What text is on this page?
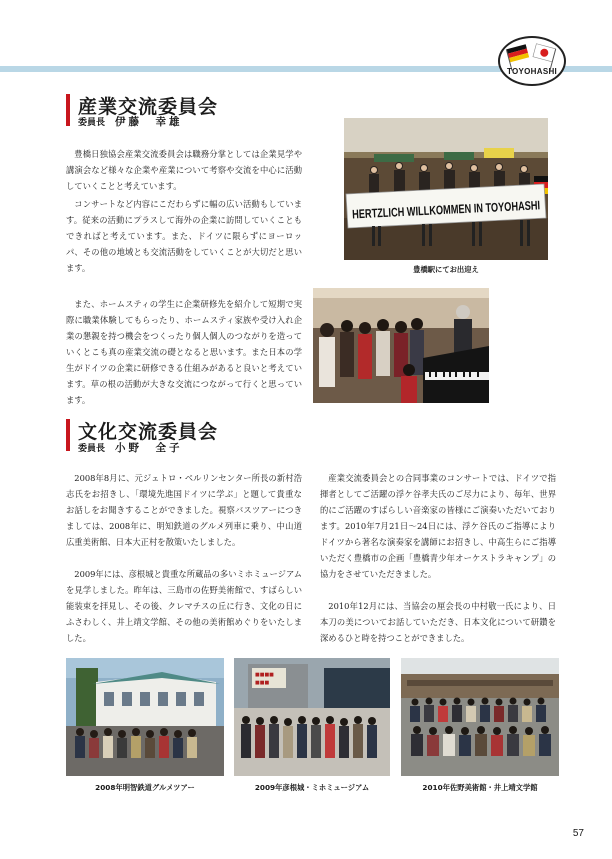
TOYOHASHI
産業交流委員会
委員長 伊藤　幸雄

豊橋日独協会産業交流委員会は職務分掌としては企業見学や講演会など様々な企業や産業について考察や交流を中心に活動していくことと考えています。

コンサートなど内容にこだわらずに幅の広い活動もしています。従来の活動にプラスして海外の企業に訪問していくこともできればと考えています。また、ドイツに限らずにヨーロッパ、その他の地域とも交流活動をしていくことが大切だと思います。

また、ホームスティの学生に企業研修先を紹介して短期で実際に職業体験してもらったり、ホームスティ家族や受け入れ企業の懇親を持つ機会をつくったり個人個人のつながりを造っていくとこも真の産業交流の礎となると思います。また日本の学生がドイツの企業に研修できる仕組みがあると良いと考えています。草の根の活動が大きな交流につながって行くと思っています。

HERTZLICH WILLKOMMEN IN TOYOHASHI
豊橋駅にてお出迎え
文化交流委員会
委員長 小野　全子

2008年8月に、元ジェトロ・ベルリンセンター所長の新村浩志氏をお招きし、「環境先進国ドイツに学ぶ」と題して貴重なお話しをお聞きすることができました。視察バスツアーにつきましては、2008年に、明知鉄道のグルメ列車に乗り、中山道広重美術館、日本大正村を散策いたしました。

2009年には、彦根城と貴重な所蔵品の多いミホミュージアムを見学しました。昨年は、三島市の佐野美術館で、すばらしい能装束を拝見し、その後、クレマチスの丘に行き、文化の日にふさわしく、井上靖文学館、その他の美術館めぐりをいたしました。

産業交流委員会との合同事業のコンサートでは、ドイツで指揮者としてご活躍の浮ケ谷孝夫氏のご尽力により、毎年、世界的にご活躍のすばらしい音楽家の皆様にご演奏いただいております。2010年7月21日〜24日には、浮ケ谷氏のご指導によりドイツから著名な演奏家を講師にお招きし、中高生らにご指導いただく豊橋市の企画「豊橋青少年オーケストラキャンプ」の協力をさせていただきました。

2010年12月には、当協会の厘会長の中村敬一氏により、日本刀の美についてお話していただき、日本文化について研鑽を深めるひと時を持つことができました。

2008年明智鉄道グルメツアー
■■■■
■■■
2009年彦根城・ミホミュージアム	2010年佐野美術館・井上靖文学館
57
